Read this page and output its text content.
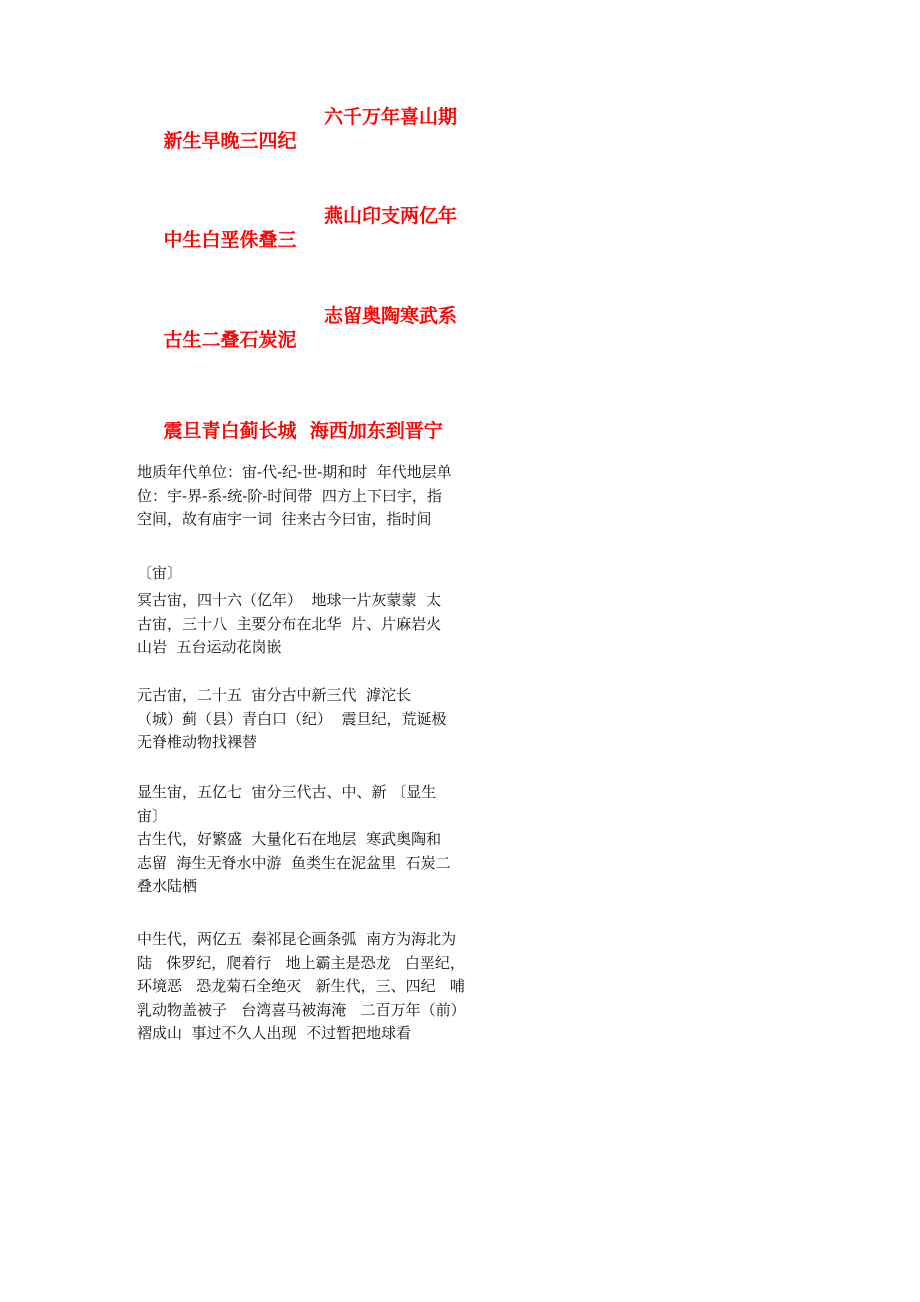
新生早晚三四纪
六千万年喜山期

中生白垩侏叠三
燕山印支两亿年

古生二叠石炭泥
志留奥陶寒武系

震旦青白蓟长城  海西加东到晋宁

地质年代单位：宙-代-纪-世-期和时  年代地层单
位：宇-界-系-统-阶-时间带  四方上下曰宇，指
空间，故有庙宇一词  往来古今曰宙，指时间
〔宙〕
冥古宙，四十六（亿年）  地球一片灰蒙蒙  太
古宙，三十八  主要分布在北华  片、片麻岩火
山岩  五台运动花岗嵌
元古宙，二十五  宙分古中新三代  滹沱长
（城）蓟（县）青白口（纪）  震旦纪，荒诞极
无脊椎动物找裸替
显生宙，五亿七  宙分三代古、中、新 〔显生
宙〕
古生代，好繁盛  大量化石在地层  寒武奥陶和
志留  海生无脊水中游  鱼类生在泥盆里  石炭二
叠水陆栖
中生代，两亿五  秦祁昆仑画条弧  南方为海北为
陆   侏罗纪，爬着行   地上霸主是恐龙   白垩纪，
环境恶   恐龙菊石全绝灭   新生代，三、四纪   哺
乳动物盖被子   台湾喜马被海淹   二百万年（前）
褶成山  事过不久人出现  不过暂把地球看
